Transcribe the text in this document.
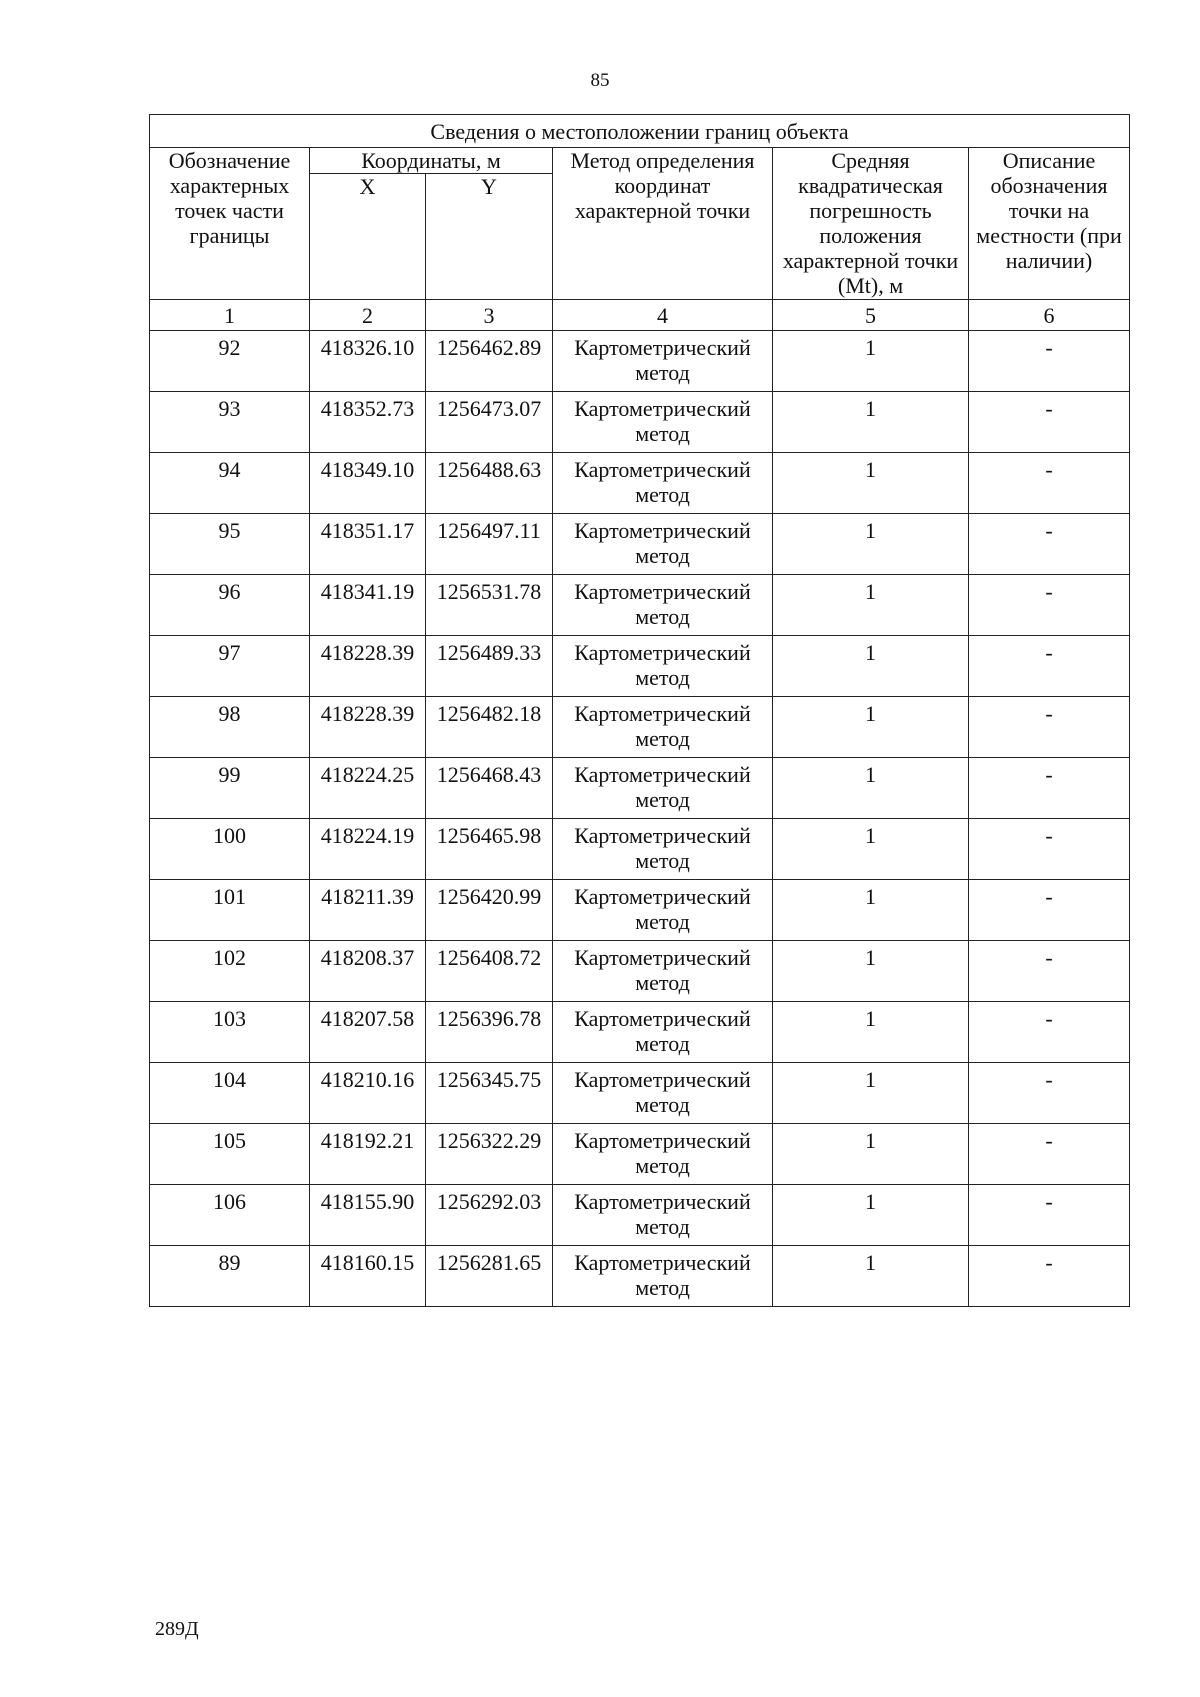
85
Сведения о местоположении границ объекта					
Обозначение характерных точек части границы	Координаты, м		Метод определения координат характерной точки	Средняя квадратическая погрешность положения характерной точки (Mt), м	Описание обозначения точки на местности (при наличии)
	X	Y			
1	2	3	4	5	6
92	418326.10	1256462.89	Картометрический метод	1	-
93	418352.73	1256473.07	Картометрический метод	1	-
94	418349.10	1256488.63	Картометрический метод	1	-
95	418351.17	1256497.11	Картометрический метод	1	-
96	418341.19	1256531.78	Картометрический метод	1	-
97	418228.39	1256489.33	Картометрический метод	1	-
98	418228.39	1256482.18	Картометрический метод	1	-
99	418224.25	1256468.43	Картометрический метод	1	-
100	418224.19	1256465.98	Картометрический метод	1	-
101	418211.39	1256420.99	Картометрический метод	1	-
102	418208.37	1256408.72	Картометрический метод	1	-
103	418207.58	1256396.78	Картометрический метод	1	-
104	418210.16	1256345.75	Картометрический метод	1	-
105	418192.21	1256322.29	Картометрический метод	1	-
106	418155.90	1256292.03	Картометрический метод	1	-
89	418160.15	1256281.65	Картометрический метод	1	-
289Д
